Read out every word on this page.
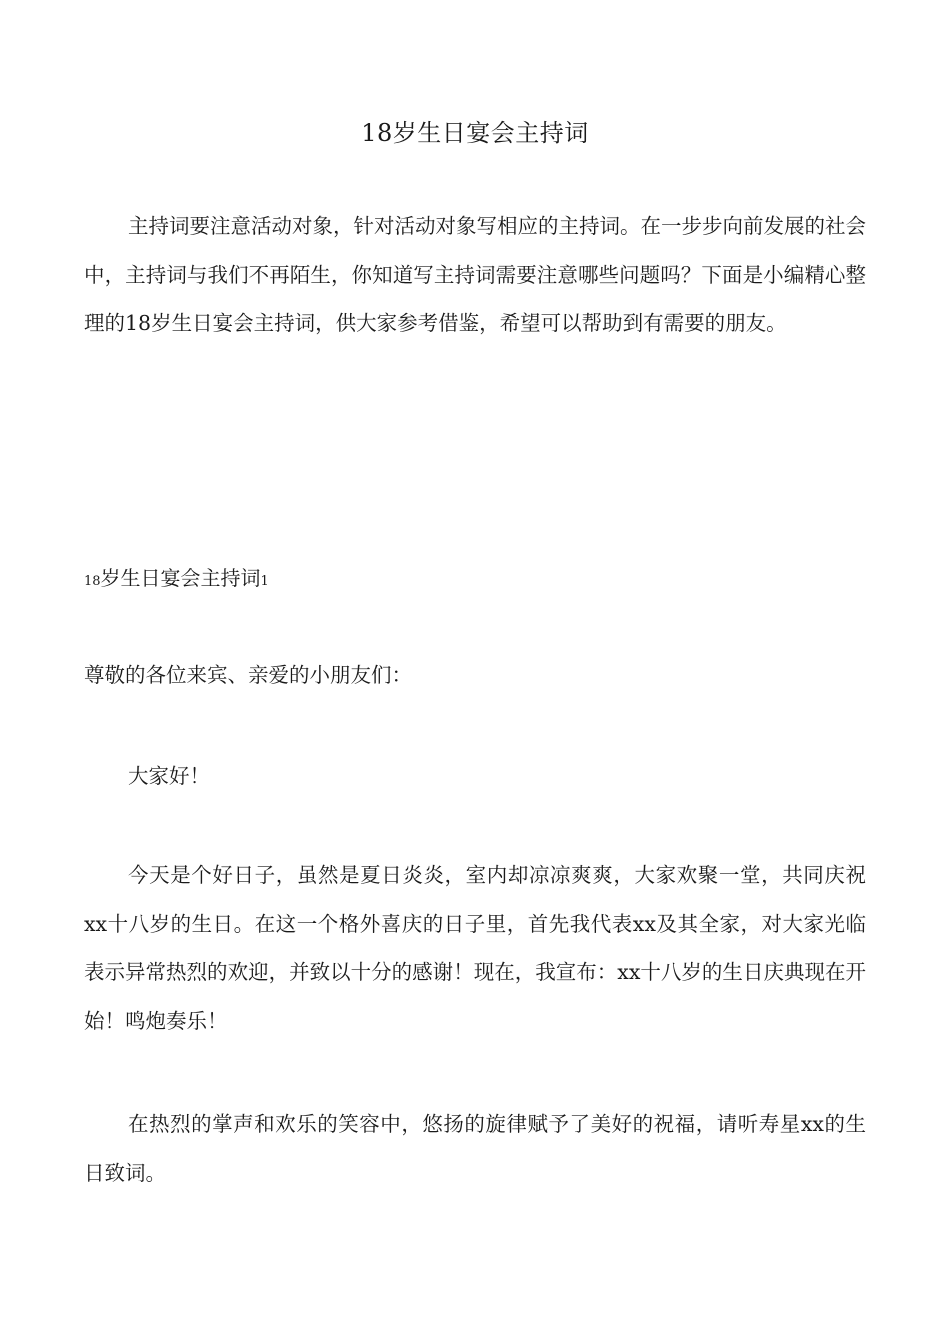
18岁生日宴会主持词

主持词要注意活动对象，针对活动对象写相应的主持词。在一步步向前发展的社会中，主持词与我们不再陌生，你知道写主持词需要注意哪些问题吗？下面是小编精心整理的18岁生日宴会主持词，供大家参考借鉴，希望可以帮助到有需要的朋友。

18岁生日宴会主持词1

尊敬的各位来宾、亲爱的小朋友们：

大家好！

今天是个好日子，虽然是夏日炎炎，室内却凉凉爽爽，大家欢聚一堂，共同庆祝xx十八岁的生日。在这一个格外喜庆的日子里，首先我代表xx及其全家，对大家光临表示异常热烈的欢迎，并致以十分的感谢！现在，我宣布：xx十八岁的生日庆典现在开始！鸣炮奏乐！

在热烈的掌声和欢乐的笑容中，悠扬的旋律赋予了美好的祝福，请听寿星xx的生日致词。
